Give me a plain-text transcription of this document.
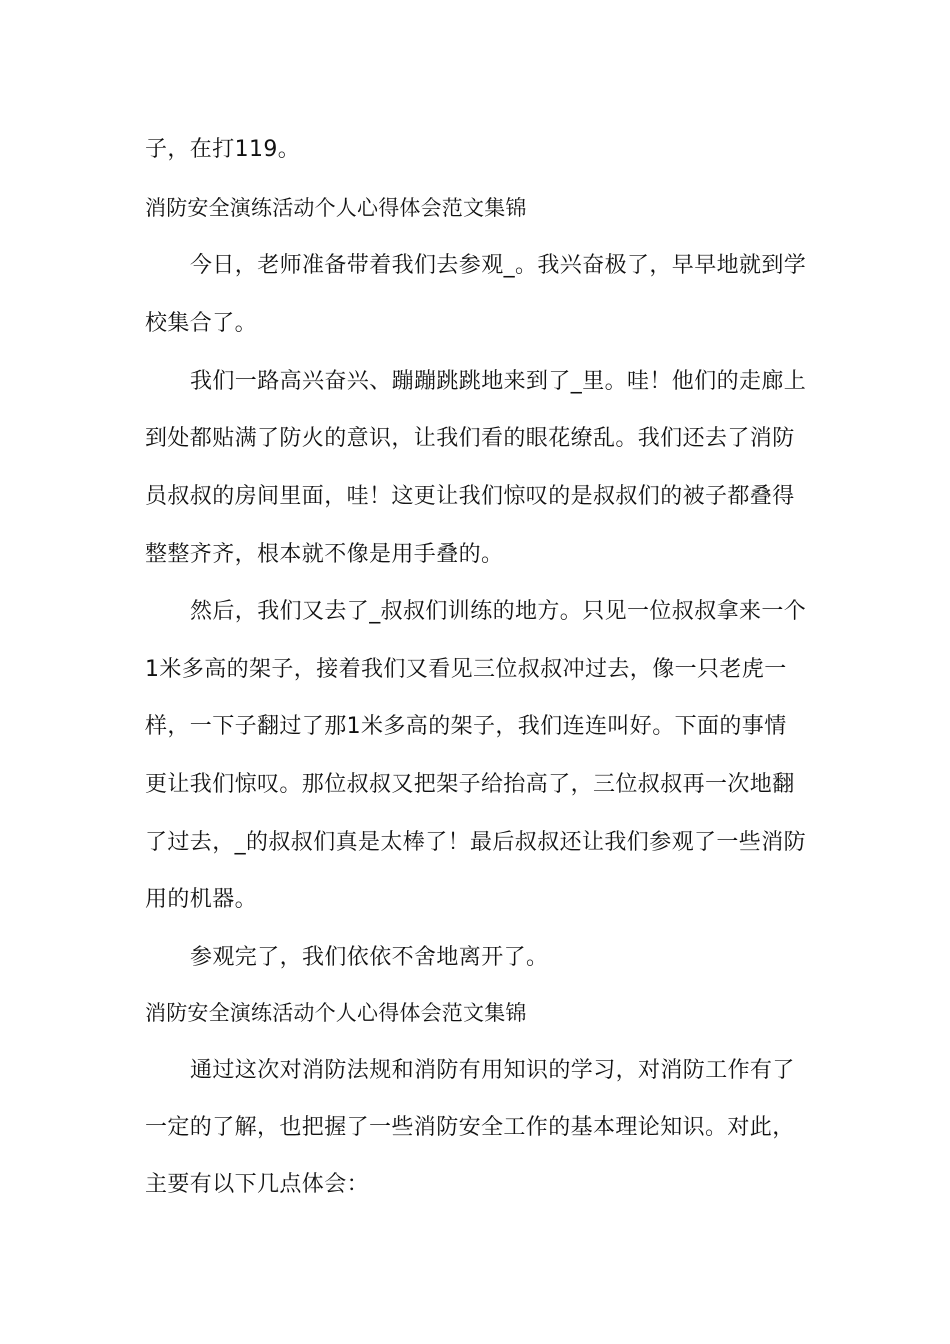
子，在打119。
消防安全演练活动个人心得体会范文集锦
今日，老师准备带着我们去参观_。我兴奋极了，早早地就到学
校集合了。
我们一路高兴奋兴、蹦蹦跳跳地来到了_里。哇！他们的走廊上
到处都贴满了防火的意识，让我们看的眼花缭乱。我们还去了消防
员叔叔的房间里面，哇！这更让我们惊叹的是叔叔们的被子都叠得
整整齐齐，根本就不像是用手叠的。
然后，我们又去了_叔叔们训练的地方。只见一位叔叔拿来一个
1米多高的架子，接着我们又看见三位叔叔冲过去，像一只老虎一
样，一下子翻过了那1米多高的架子，我们连连叫好。下面的事情
更让我们惊叹。那位叔叔又把架子给抬高了，三位叔叔再一次地翻
了过去，_的叔叔们真是太棒了！最后叔叔还让我们参观了一些消防
用的机器。
参观完了，我们依依不舍地离开了。
消防安全演练活动个人心得体会范文集锦
通过这次对消防法规和消防有用知识的学习，对消防工作有了
一定的了解，也把握了一些消防安全工作的基本理论知识。对此，
主要有以下几点体会：
